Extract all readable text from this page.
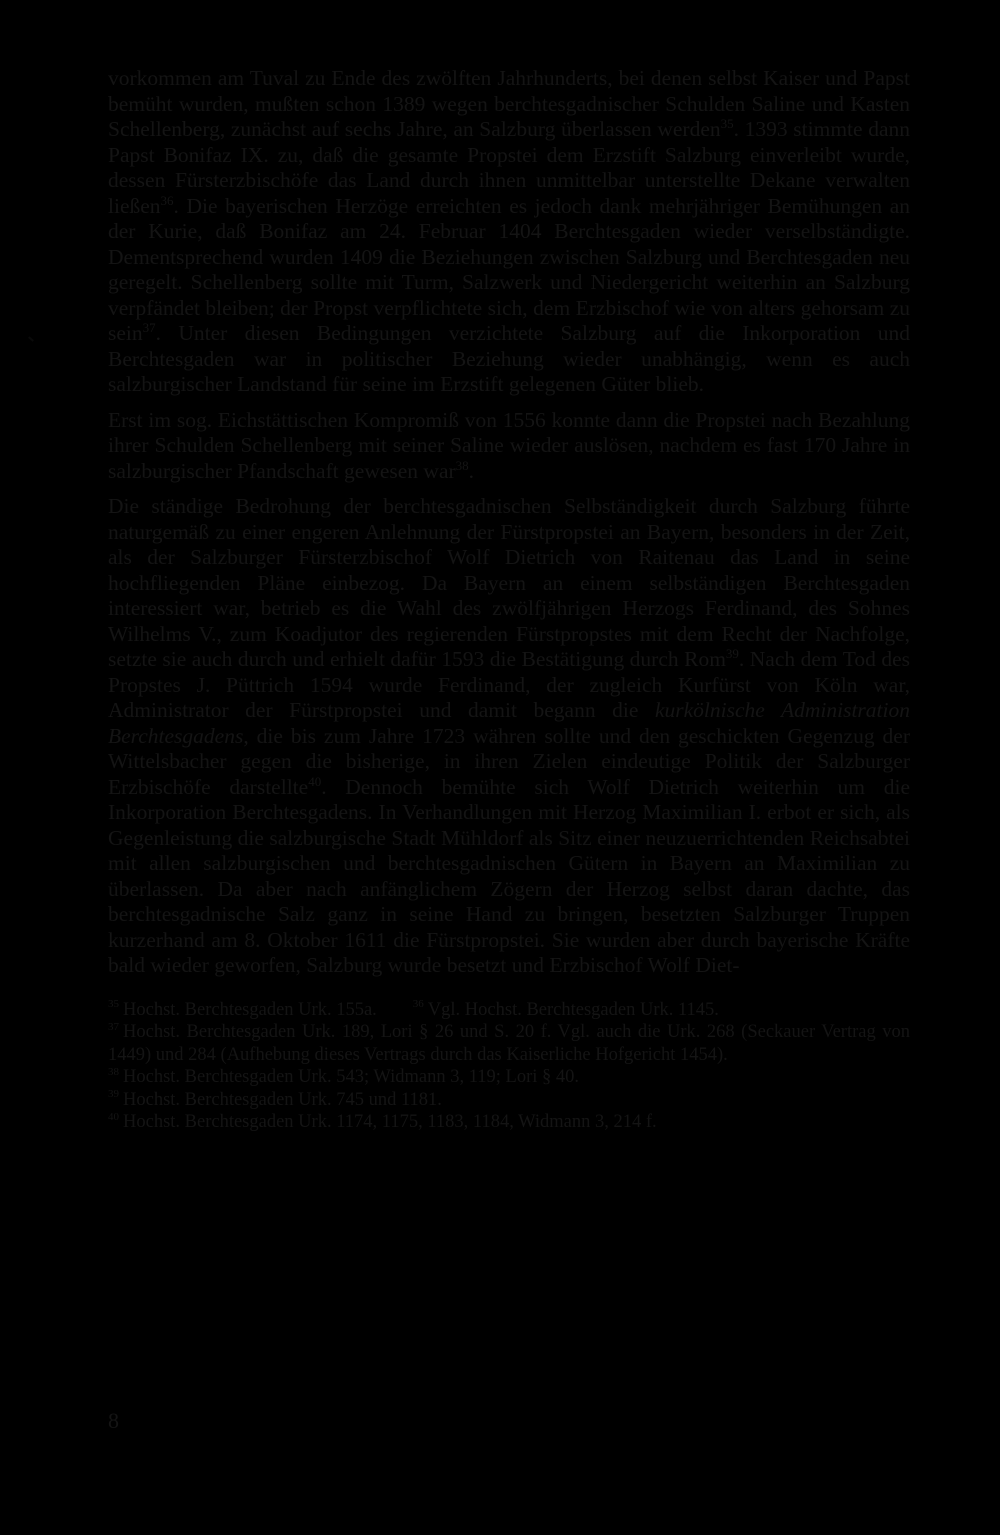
vorkommen am Tuval zu Ende des zwölften Jahrhunderts, bei denen selbst Kaiser und Papst bemüht wurden, mußten schon 1389 wegen berchtesgadnischer Schulden Saline und Kasten Schellenberg, zunächst auf sechs Jahre, an Salzburg überlassen werden$^{35}$. 1393 stimmte dann Papst Bonifaz IX. zu, daß die gesamte Propstei dem Erzstift Salzburg einverleibt wurde, dessen Fürsterzbischöfe das Land durch ihnen unmittelbar unterstellte Dekane verwalten ließen$^{36}$. Die bayerischen Herzöge erreichten es jedoch dank mehrjähriger Bemühungen an der Kurie, daß Bonifaz am 24. Februar 1404 Berchtesgaden wieder verselbständigte. Dementsprechend wurden 1409 die Beziehungen zwischen Salzburg und Berchtesgaden neu geregelt. Schellenberg sollte mit Turm, Salzwerk und Niedergericht weiterhin an Salzburg verpfändet bleiben; der Propst verpflichtete sich, dem Erzbischof wie von alters gehorsam zu sein$^{37}$. Unter diesen Bedingungen verzichtete Salzburg auf die Inkorporation und Berchtesgaden war in politischer Beziehung wieder unabhängig, wenn es auch salzburgischer Landstand für seine im Erzstift gelegenen Güter blieb.

Erst im sog. Eichstättischen Kompromiß von 1556 konnte dann die Propstei nach Bezahlung ihrer Schulden Schellenberg mit seiner Saline wieder auslösen, nachdem es fast 170 Jahre in salzburgischer Pfandschaft gewesen war$^{38}$.

Die ständige Bedrohung der berchtesgadnischen Selbständigkeit durch Salzburg führte naturgemäß zu einer engeren Anlehnung der Fürstpropstei an Bayern, besonders in der Zeit, als der Salzburger Fürsterzbischof Wolf Dietrich von Raitenau das Land in seine hochfliegenden Pläne einbezog. Da Bayern an einem selbständigen Berchtesgaden interessiert war, betrieb es die Wahl des zwölfjährigen Herzogs Ferdinand, des Sohnes Wilhelms V., zum Koadjutor des regierenden Fürstpropstes mit dem Recht der Nachfolge, setzte sie auch durch und erhielt dafür 1593 die Bestätigung durch Rom$^{39}$. Nach dem Tod des Propstes J. Püttrich 1594 wurde Ferdinand, der zugleich Kurfürst von Köln war, Administrator der Fürstpropstei und damit begann die kurkölnische Administration Berchtesgadens, die bis zum Jahre 1723 währen sollte und den geschickten Gegenzug der Wittelsbacher gegen die bisherige, in ihren Zielen eindeutige Politik der Salzburger Erzbischöfe darstellte$^{40}$. Dennoch bemühte sich Wolf Dietrich weiterhin um die Inkorporation Berchtesgadens. In Verhandlungen mit Herzog Maximilian I. erbot er sich, als Gegenleistung die salzburgische Stadt Mühldorf als Sitz einer neuzuerrichtenden Reichsabtei mit allen salzburgischen und berchtesgadnischen Gütern in Bayern an Maximilian zu überlassen. Da aber nach anfänglichem Zögern der Herzog selbst daran dachte, das berchtesgadnische Salz ganz in seine Hand zu bringen, besetzten Salzburger Truppen kurzerhand am 8. Oktober 1611 die Fürstpropstei. Sie wurden aber durch bayerische Kräfte bald wieder geworfen, Salzburg wurde besetzt und Erzbischof Wolf Diet-

$^{35}$ Hochst. Berchtesgaden Urk. 155a.	$^{36}$ Vgl. Hochst. Berchtesgaden Urk. 1145.
$^{37}$ Hochst. Berchtesgaden Urk. 189, Lori § 26 und S. 20 f. Vgl. auch die Urk. 268 (Seckauer Vertrag von 1449) und 284 (Aufhebung dieses Vertrags durch das Kaiserliche Hofgericht 1454).
$^{38}$ Hochst. Berchtesgaden Urk. 543; Widmann 3, 119; Lori § 40.
$^{39}$ Hochst. Berchtesgaden Urk. 745 und 1181.
$^{40}$ Hochst. Berchtesgaden Urk. 1174, 1175, 1183, 1184, Widmann 3, 214 f.
8
